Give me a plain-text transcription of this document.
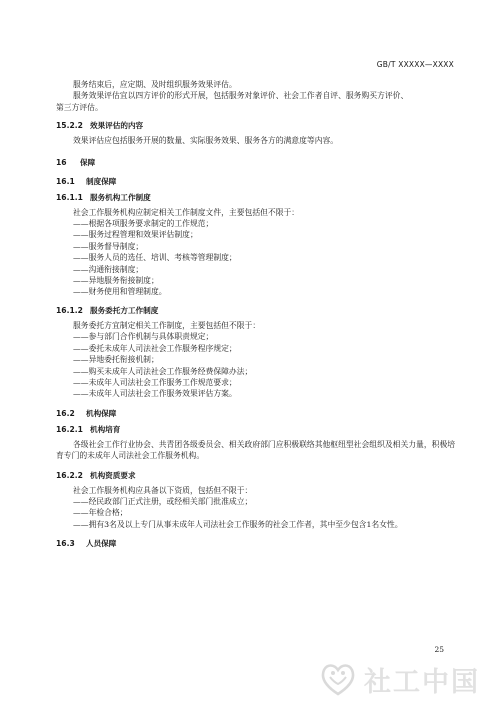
GB/T XXXXX—XXXX
服务结束后，应定期、及时组织服务效果评估。
服务效果评估宜以四方评价的形式开展，包括服务对象评价、社会工作者自评、服务购买方评价、
第三方评估。
15.2.2 效果评估的内容
效果评估应包括服务开展的数量、实际服务效果、服务各方的满意度等内容。
16 保障
16.1 制度保障
16.1.1 服务机构工作制度
社会工作服务机构应制定相关工作制度文件，主要包括但不限于：
——根据各项服务要求制定的工作规范；
——服务过程管理和效果评估制度；
——服务督导制度；
——服务人员的选任、培训、考核等管理制度；
——沟通衔接制度；
——异地服务衔接制度；
——财务使用和管理制度。
16.1.2 服务委托方工作制度
服务委托方宜制定相关工作制度，主要包括但不限于：
——参与部门合作机制与具体职责规定；
——委托未成年人司法社会工作服务程序规定；
——异地委托衔接机制；
——购买未成年人司法社会工作服务经费保障办法；
——未成年人司法社会工作服务工作规范要求；
——未成年人司法社会工作服务效果评估方案。
16.2 机构保障
16.2.1 机构培育
各级社会工作行业协会、共青团各级委员会、相关政府部门应积极联络其他枢纽型社会组织及相关力量，积极培育专门的未成年人司法社会工作服务机构。
16.2.2 机构资质要求
社会工作服务机构应具备以下资质，包括但不限于：
——经民政部门正式注册，或经相关部门批准成立；
——年检合格；
——拥有3名及以上专门从事未成年人司法社会工作服务的社会工作者，其中至少包含1名女性。
16.3 人员保障
25
社工中国
